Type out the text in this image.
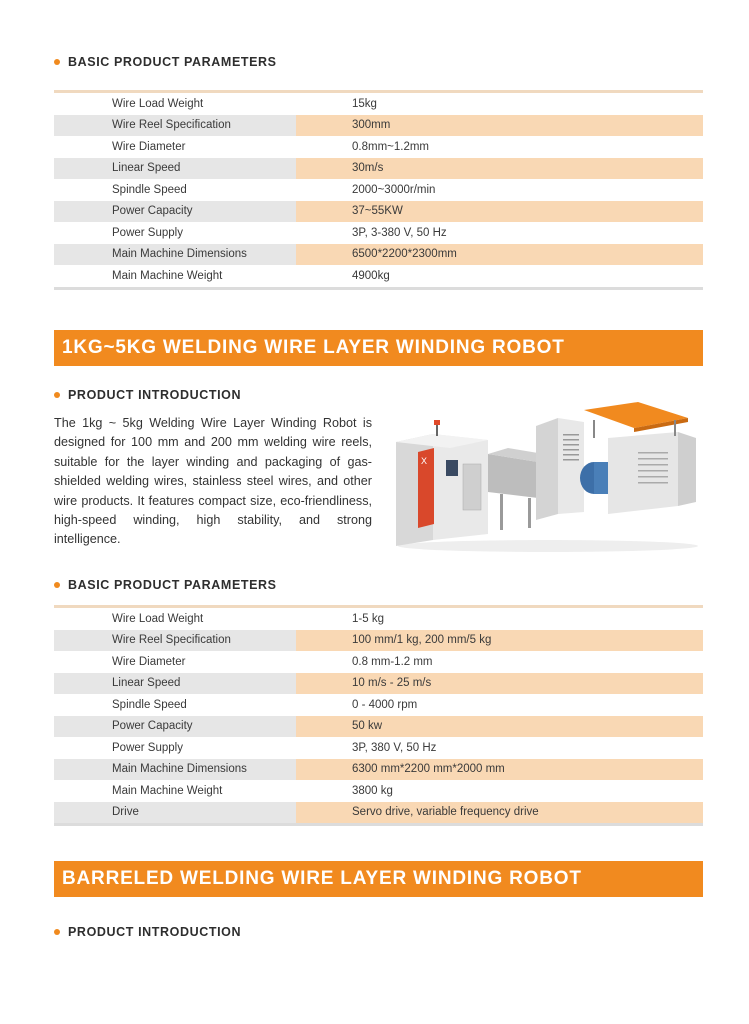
BASIC PRODUCT PARAMETERS
Wire Load Weight	15kg
Wire Reel Specification	300mm
Wire Diameter	0.8mm~1.2mm
Linear Speed	30m/s
Spindle Speed	2000~3000r/min
Power Capacity	37~55KW
Power Supply	3P, 3-380 V, 50 Hz
Main Machine Dimensions	6500*2200*2300mm
Main Machine Weight	4900kg
1KG~5KG WELDING WIRE LAYER WINDING ROBOT
PRODUCT INTRODUCTION
The 1kg ~ 5kg Welding Wire Layer Winding Robot is designed for 100 mm and 200 mm welding wire reels, suitable for the layer winding and packaging of gas-shielded welding wires, stainless steel wires, and other wire products. It features compact size, eco-friendliness, high-speed winding, high stability, and strong intelligence.
X
BASIC PRODUCT PARAMETERS
Wire Load Weight	1-5 kg
Wire Reel Specification	100 mm/1 kg, 200 mm/5 kg
Wire Diameter	0.8 mm-1.2 mm
Linear Speed	10 m/s - 25 m/s
Spindle Speed	0 - 4000 rpm
Power Capacity	50 kw
Power Supply	3P, 380 V, 50 Hz
Main Machine Dimensions	6300 mm*2200 mm*2000 mm
Main Machine Weight	3800 kg
Drive	Servo drive, variable frequency drive
BARRELED WELDING WIRE LAYER WINDING ROBOT
PRODUCT INTRODUCTION
